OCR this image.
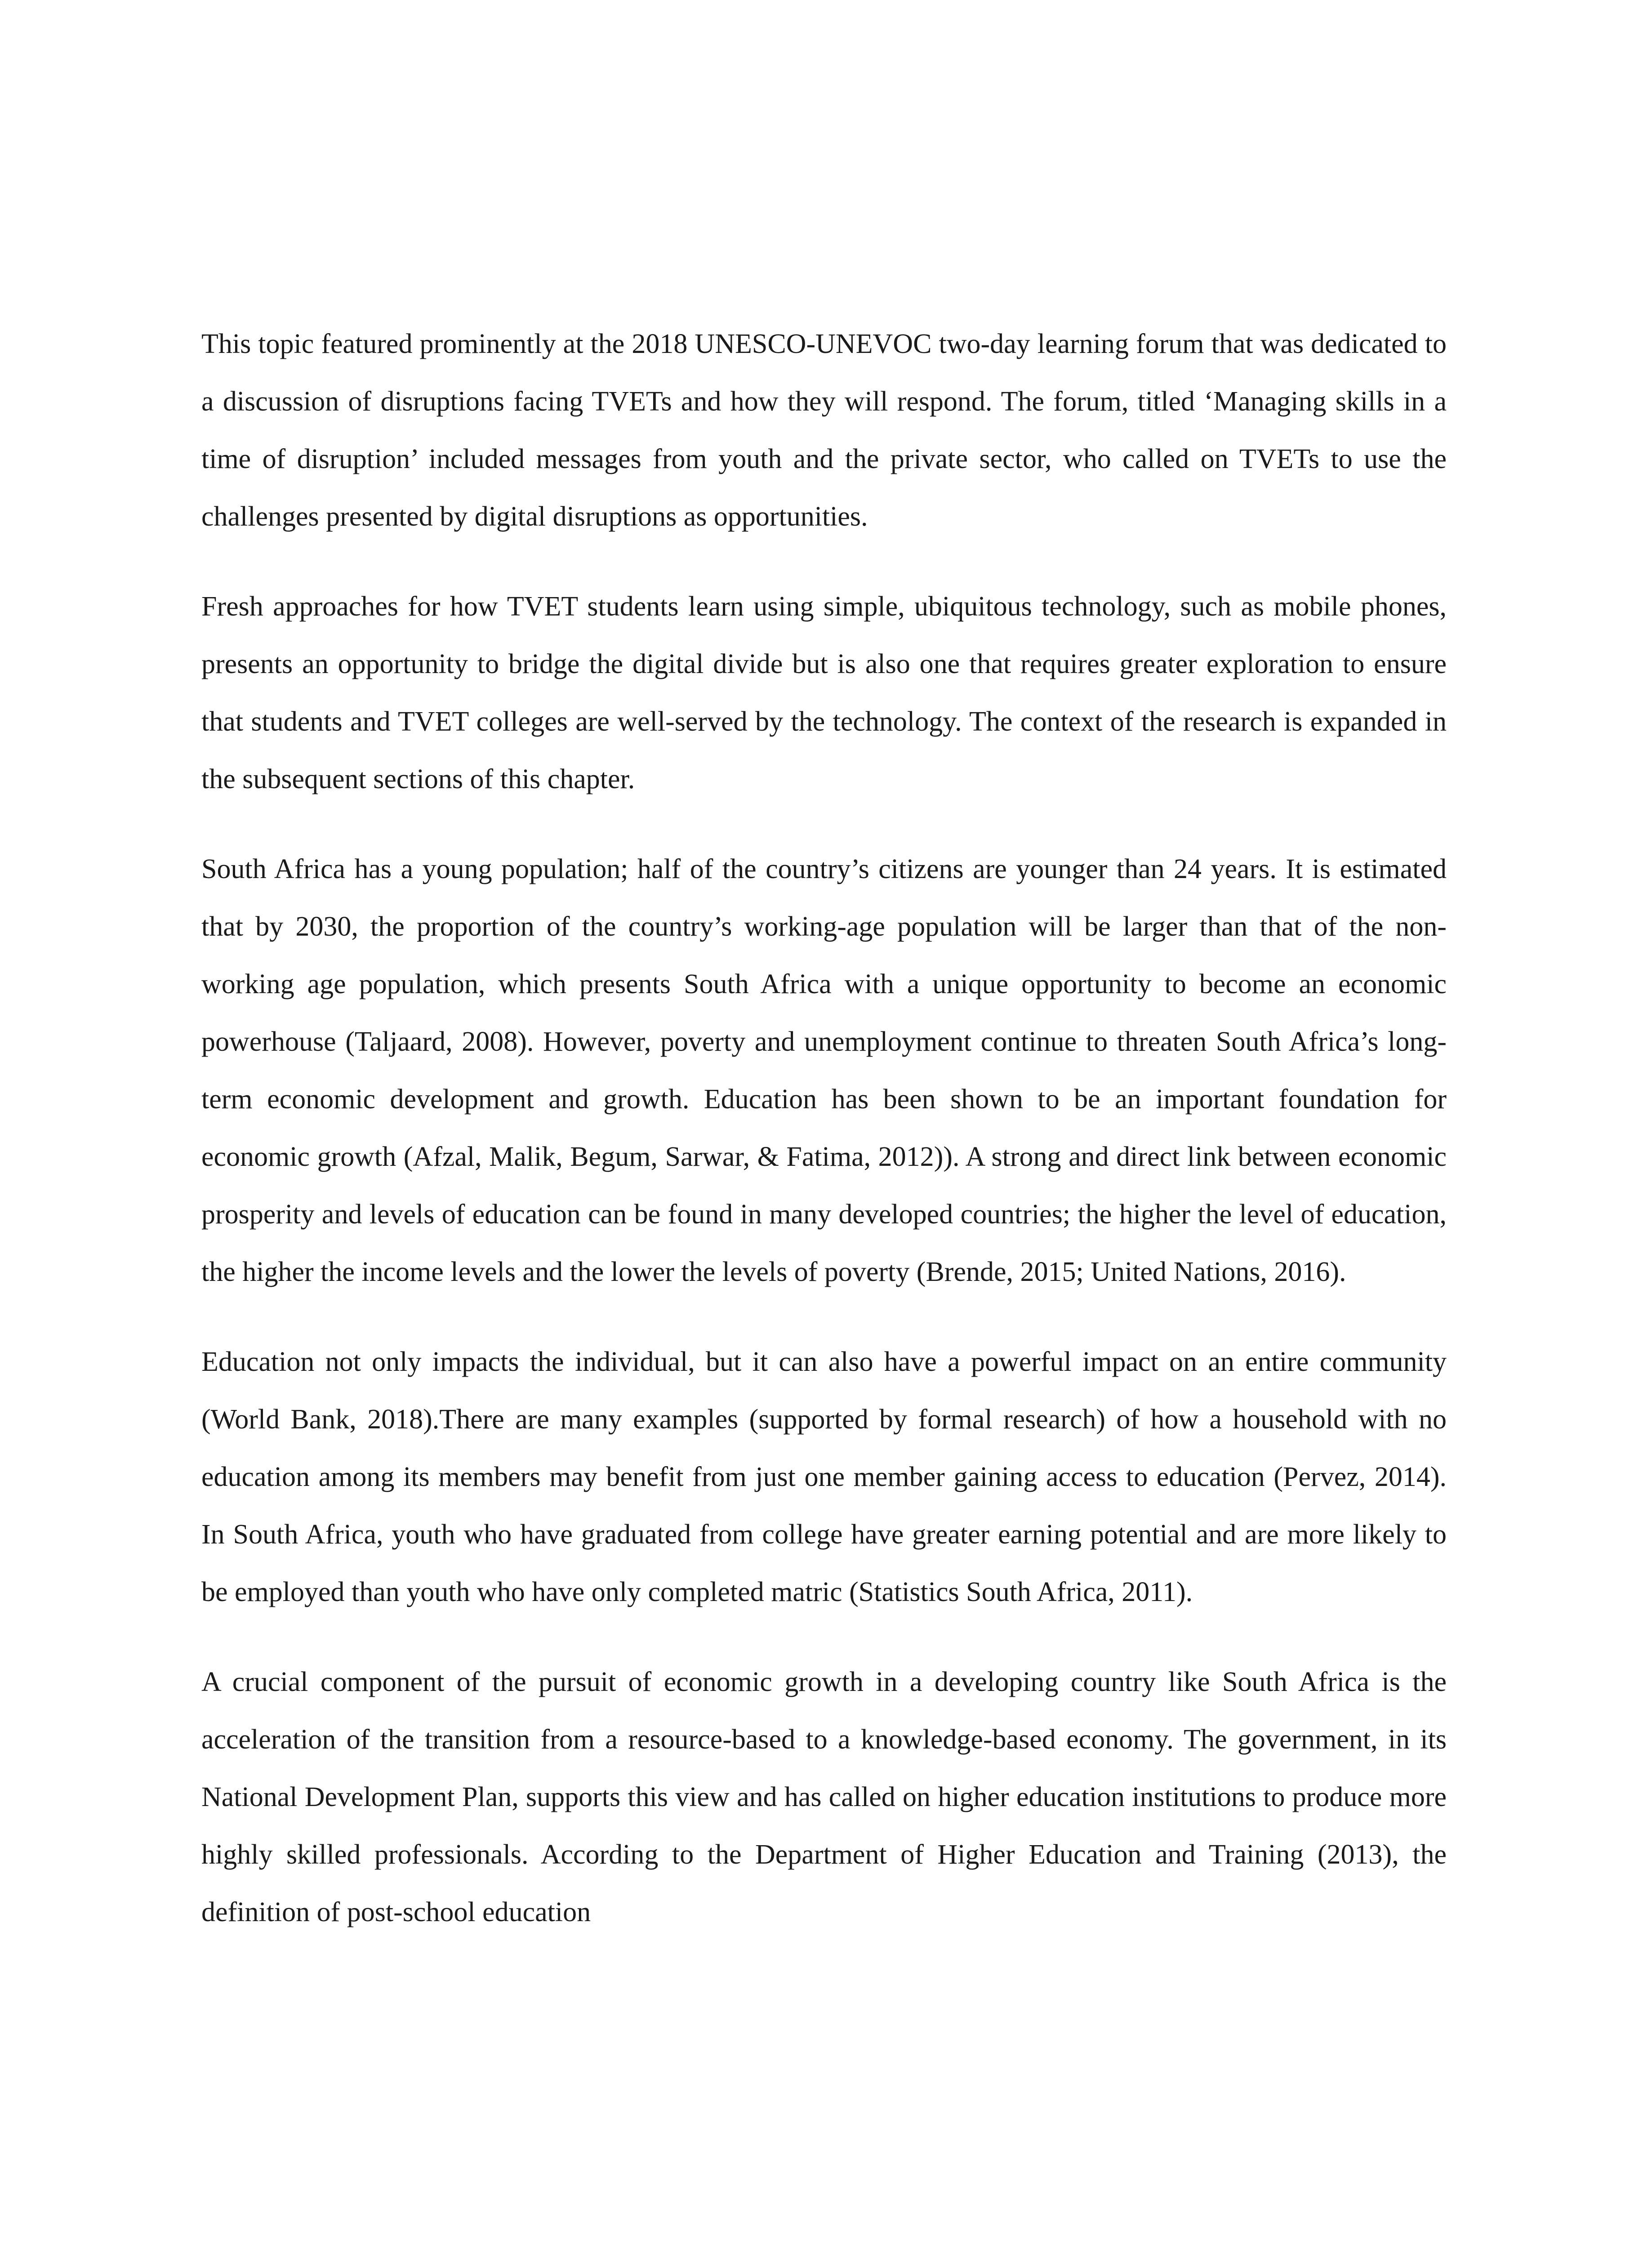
This topic featured prominently at the 2018 UNESCO-UNEVOC two-day learning forum that was dedicated to a discussion of disruptions facing TVETs and how they will respond. The forum, titled ‘Managing skills in a time of disruption’ included messages from youth and the private sector, who called on TVETs to use the challenges presented by digital disruptions as opportunities.

Fresh approaches for how TVET students learn using simple, ubiquitous technology, such as mobile phones, presents an opportunity to bridge the digital divide but is also one that requires greater exploration to ensure that students and TVET colleges are well-served by the technology. The context of the research is expanded in the subsequent sections of this chapter.

South Africa has a young population; half of the country’s citizens are younger than 24 years. It is estimated that by 2030, the proportion of the country’s working-age population will be larger than that of the non-working age population, which presents South Africa with a unique opportunity to become an economic powerhouse (Taljaard, 2008). However, poverty and unemployment continue to threaten South Africa’s long-term economic development and growth. Education has been shown to be an important foundation for economic growth (Afzal, Malik, Begum, Sarwar, & Fatima, 2012)). A strong and direct link between economic prosperity and levels of education can be found in many developed countries; the higher the level of education, the higher the income levels and the lower the levels of poverty (Brende, 2015; United Nations, 2016).

Education not only impacts the individual, but it can also have a powerful impact on an entire community (World Bank, 2018).There are many examples (supported by formal research) of how a household with no education among its members may benefit from just one member gaining access to education (Pervez, 2014). In South Africa, youth who have graduated from college have greater earning potential and are more likely to be employed than youth who have only completed matric (Statistics South Africa, 2011).

A crucial component of the pursuit of economic growth in a developing country like South Africa is the acceleration of the transition from a resource-based to a knowledge-based economy. The government, in its National Development Plan, supports this view and has called on higher education institutions to produce more highly skilled professionals. According to the Department of Higher Education and Training (2013), the definition of post-school education
